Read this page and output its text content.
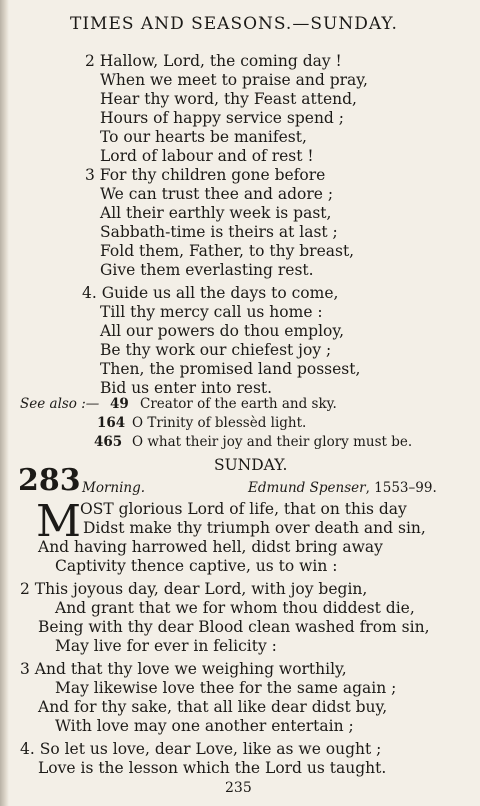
TIMES AND SEASONS.—SUNDAY.
2 Hallow, Lord, the coming day !
When we meet to praise and pray,
Hear thy word, thy Feast attend,
Hours of happy service spend ;
To our hearts be manifest,
Lord of labour and of rest !
3 For thy children gone before
We can trust thee and adore ;
All their earthly week is past,
Sabbath-time is theirs at last ;
Fold them, Father, to thy breast,
Give them everlasting rest.
4. Guide us all the days to come,
Till thy mercy call us home :
All our powers do thou employ,
Be thy work our chiefest joy ;
Then, the promised land possest,
Bid us enter into rest.
See also :— 49 Creator of the earth and sky.
164 O Trinity of blessèd light.
465 O what their joy and their glory must be.
SUNDAY.
283 Morning.	Edmund Spenser, 1553–99.
M
OST glorious Lord of life, that on this day
Didst make thy triumph over death and sin,
And having harrowed hell, didst bring away
Captivity thence captive, us to win :
2 This joyous day, dear Lord, with joy begin,
And grant that we for whom thou diddest die,
Being with thy dear Blood clean washed from sin,
May live for ever in felicity :
3 And that thy love we weighing worthily,
May likewise love thee for the same again ;
And for thy sake, that all like dear didst buy,
With love may one another entertain ;
4. So let us love, dear Love, like as we ought ;
Love is the lesson which the Lord us taught.
235
